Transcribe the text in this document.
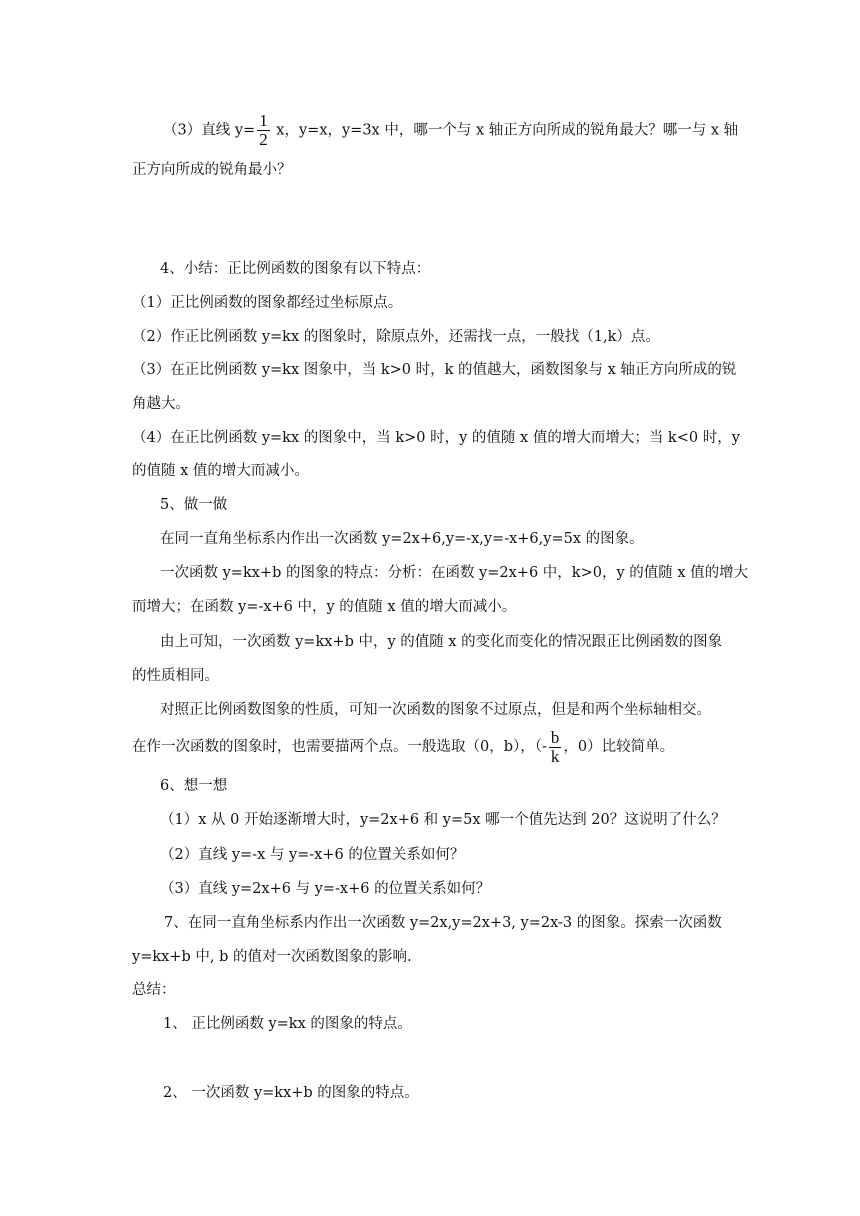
（3）直线 $y= \frac{1}{2}$ x，y=x，y=3x 中，哪一个与 x 轴正方向所成的锐角最大？哪一与 x 轴
正方向所成的锐角最小？
4、小结：正比例函数的图象有以下特点：
（1）正比例函数的图象都经过坐标原点。
（2）作正比例函数 y=kx 的图象时，除原点外，还需找一点，一般找（1,k）点。
（3）在正比例函数 y=kx 图象中，当 k>0 时，k 的值越大，函数图象与 x 轴正方向所成的锐
角越大。
（4）在正比例函数 y=kx 的图象中，当 k>0 时，y 的值随 x 值的增大而增大；当 k<0 时，y
的值随 x 值的增大而减小。
5、做一做
在同一直角坐标系内作出一次函数 y=2x+6,y=-x,y=-x+6,y=5x 的图象。
一次函数 y=kx+b 的图象的特点：分析：在函数 y=2x+6 中，k>0，y 的值随 x 值的增大
而增大；在函数 y=-x+6 中，y 的值随 x 值的增大而减小。
由上可知，一次函数 y=kx+b 中，y 的值随 x 的变化而变化的情况跟正比例函数的图象
的性质相同。
对照正比例函数图象的性质，可知一次函数的图象不过原点，但是和两个坐标轴相交。
在作一次函数的图象时，也需要描两个点。一般选取（0，b），（- $\frac{b}{k}$ ，0）比较简单。
6、想一想
（1）x 从 0 开始逐渐增大时，y=2x+6 和 y=5x 哪一个值先达到 20？这说明了什么？
（2）直线 y=-x 与 y=-x+6 的位置关系如何？
（3）直线 y=2x+6 与 y=-x+6 的位置关系如何？
7、在同一直角坐标系内作出一次函数 y=2x,y=2x+3, y=2x-3 的图象。探索一次函数
y=kx+b 中, b 的值对一次函数图象的影响.
总结：
1、 正比例函数 y=kx 的图象的特点。
2、 一次函数 y=kx+b 的图象的特点。
